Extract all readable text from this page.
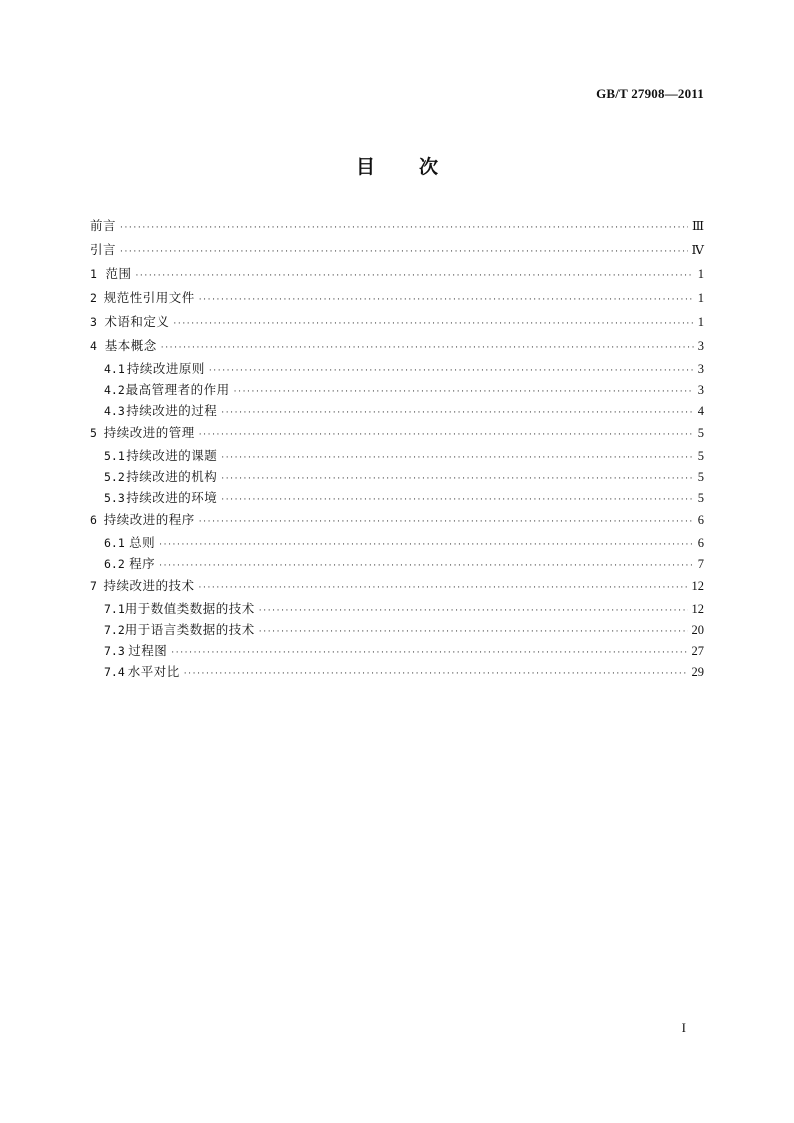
GB/T 27908—2011
目 次
前言 ·····	Ⅲ
引言 ·····	Ⅳ
1 范围 ·····	1
2 规范性引用文件 ·····	1
3 术语和定义 ·····	1
4 基本概念 ·····	3
4.1 持续改进原则 ·····	3
4.2 最高管理者的作用 ·····	3
4.3 持续改进的过程 ·····	4
5 持续改进的管理 ·····	5
5.1 持续改进的课题 ·····	5
5.2 持续改进的机构 ·····	5
5.3 持续改进的环境 ·····	5
6 持续改进的程序 ·····	6
6.1 总则 ·····	6
6.2 程序 ·····	7
7 持续改进的技术 ·····	12
7.1 用于数值类数据的技术 ·····	12
7.2 用于语言类数据的技术 ·····	20
7.3 过程图 ·····	27
7.4 水平对比 ·····	29
I
